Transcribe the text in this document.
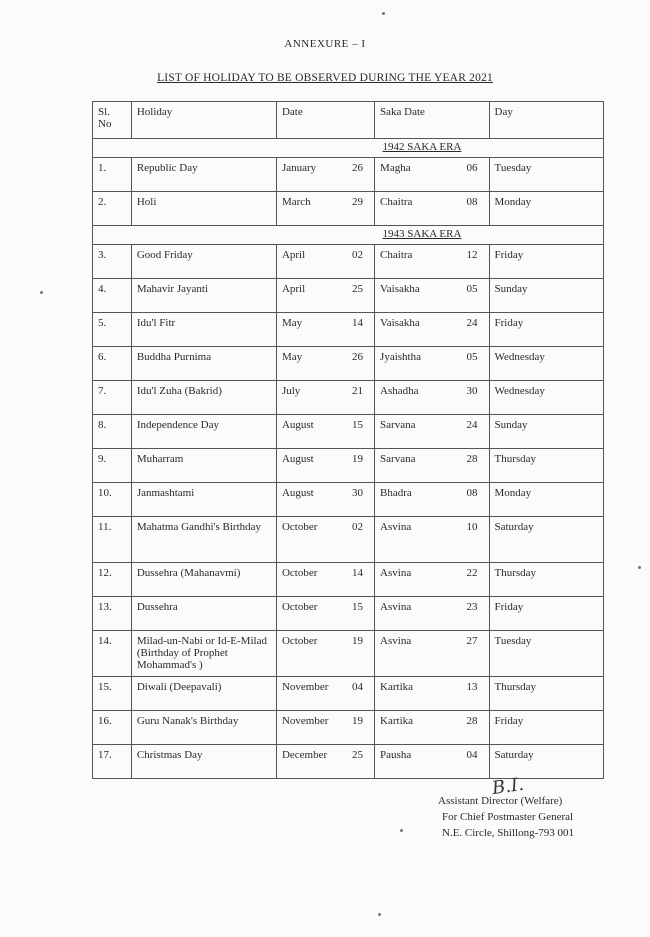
ANNEXURE – I
LIST OF HOLIDAY TO BE OBSERVED DURING THE YEAR 2021
Sl. No	Holiday	Date	Saka Date	Day
			1942 SAKA ERA	
1.	Republic Day	January 26	Magha 06	Tuesday
2.	Holi	March 29	Chaitra 08	Monday
			1943 SAKA ERA	
3.	Good Friday	April 02	Chaitra 12	Friday
4.	Mahavir Jayanti	April 25	Vaisakha 05	Sunday
5.	Idu'l Fitr	May 14	Vaisakha 24	Friday
6.	Buddha Purnima	May 26	Jyaishtha 05	Wednesday
7.	Idu'l Zuha (Bakrid)	July 21	Ashadha 30	Wednesday
8.	Independence Day	August 15	Sarvana 24	Sunday
9.	Muharram	August 19	Sarvana 28	Thursday
10.	Janmashtami	August 30	Bhadra 08	Monday
11.	Mahatma Gandhi's Birthday	October 02	Asvina 10	Saturday
12.	Dussehra (Mahanavmi)	October 14	Asvina 22	Thursday
13.	Dussehra	October 15	Asvina 23	Friday
14.	Milad-un-Nabi or Id-E-Milad (Birthday of Prophet Mohammad's )	October 19	Asvina 27	Tuesday
15.	Diwali (Deepavali)	November 04	Kartika 13	Thursday
16.	Guru Nanak's Birthday	November 19	Kartika 28	Friday
17.	Christmas Day	December 25	Pausha 04	Saturday
B.I.
Assistant Director (Welfare)
For Chief Postmaster General
N.E. Circle, Shillong-793 001
